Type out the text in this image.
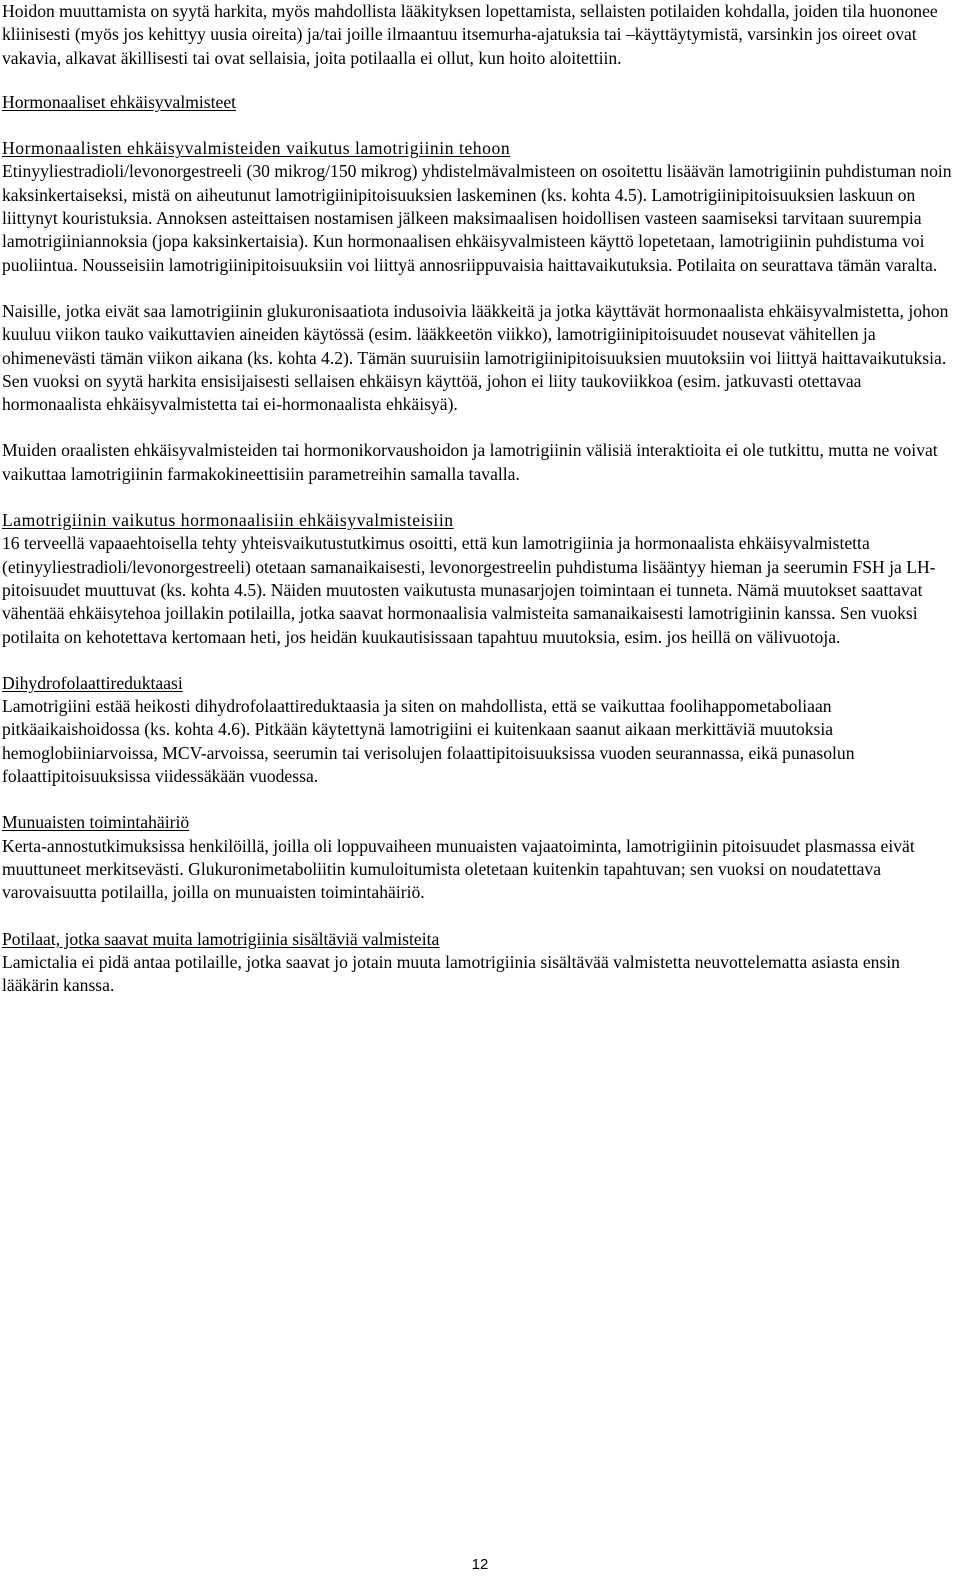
Hoidon muuttamista on syytä harkita, myös mahdollista lääkityksen lopettamista, sellaisten potilaiden kohdalla, joiden tila huononee kliinisesti (myös jos kehittyy uusia oireita) ja/tai joille ilmaantuu itsemurha-ajatuksia tai –käyttäytymistä, varsinkin jos oireet ovat vakavia, alkavat äkillisesti tai ovat sellaisia, joita potilaalla ei ollut, kun hoito aloitettiin.

Hormonaaliset ehkäisyvalmisteet

Hormonaalisten ehkäisyvalmisteiden vaikutus lamotrigiinin tehoon

Etinyyliestradioli/levonorgestreeli (30 mikrog/150 mikrog) yhdistelmävalmisteen on osoitettu lisäävän lamotrigiinin puhdistuman noin kaksinkertaiseksi, mistä on aiheutunut lamotrigiinipitoisuuksien laskeminen (ks. kohta 4.5). Lamotrigiinipitoisuuksien laskuun on liittynyt kouristuksia. Annoksen asteittaisen nostamisen jälkeen maksimaalisen hoidollisen vasteen saamiseksi tarvitaan suurempia lamotrigiiniannoksia (jopa kaksinkertaisia). Kun hormonaalisen ehkäisyvalmisteen käyttö lopetetaan, lamotrigiinin puhdistuma voi puoliintua. Nousseisiin lamotrigiinipitoisuuksiin voi liittyä annosriippuvaisia haittavaikutuksia. Potilaita on seurattava tämän varalta.

Naisille, jotka eivät saa lamotrigiinin glukuronisaatiota indusoivia lääkkeitä ja jotka käyttävät hormonaalista ehkäisyvalmistetta, johon kuuluu viikon tauko vaikuttavien aineiden käytössä (esim. lääkkeetön viikko), lamotrigiinipitoisuudet nousevat vähitellen ja ohimenevästi tämän viikon aikana (ks. kohta 4.2). Tämän suuruisiin lamotrigiinipitoisuuksien muutoksiin voi liittyä haittavaikutuksia. Sen vuoksi on syytä harkita ensisijaisesti sellaisen ehkäisyn käyttöä, johon ei liity taukoviikkoa (esim. jatkuvasti otettavaa hormonaalista ehkäisyvalmistetta tai ei-hormonaalista ehkäisyä).

Muiden oraalisten ehkäisyvalmisteiden tai hormonikorvaushoidon ja lamotrigiinin välisiä interaktioita ei ole tutkittu, mutta ne voivat vaikuttaa lamotrigiinin farmakokineettisiin parametreihin samalla tavalla.

Lamotrigiinin vaikutus hormonaalisiin ehkäisyvalmisteisiin

16 terveellä vapaaehtoisella tehty yhteisvaikutustutkimus osoitti, että kun lamotrigiinia ja hormonaalista ehkäisyvalmistetta (etinyyliestradioli/levonorgestreeli) otetaan samanaikaisesti, levonorgestreelin puhdistuma lisääntyy hieman ja seerumin FSH ja LH-pitoisuudet muuttuvat (ks. kohta 4.5). Näiden muutosten vaikutusta munasarjojen toimintaan ei tunneta. Nämä muutokset saattavat vähentää ehkäisytehoa joillakin potilailla, jotka saavat hormonaalisia valmisteita samanaikaisesti lamotrigiinin kanssa. Sen vuoksi potilaita on kehotettava kertomaan heti, jos heidän kuukautisissaan tapahtuu muutoksia, esim. jos heillä on välivuotoja.

Dihydrofolaattireduktaasi

Lamotrigiini estää heikosti dihydrofolaattireduktaasia ja siten on mahdollista, että se vaikuttaa foolihappometaboliaan pitkäaikaishoidossa (ks. kohta 4.6). Pitkään käytettynä lamotrigiini ei kuitenkaan saanut aikaan merkittäviä muutoksia hemoglobiiniarvoissa, MCV-arvoissa, seerumin tai verisolujen folaattipitoisuuksissa vuoden seurannassa, eikä punasolun folaattipitoisuuksissa viidessäkään vuodessa.

Munuaisten toimintahäiriö

Kerta-annostutkimuksissa henkilöillä, joilla oli loppuvaiheen munuaisten vajaatoiminta, lamotrigiinin pitoisuudet plasmassa eivät muuttuneet merkitsevästi. Glukuronimetaboliitin kumuloitumista oletetaan kuitenkin tapahtuvan; sen vuoksi on noudatettava varovaisuutta potilailla, joilla on munuaisten toimintahäiriö.

Potilaat, jotka saavat muita lamotrigiinia sisältäviä valmisteita

Lamictalia ei pidä antaa potilaille, jotka saavat jo jotain muuta lamotrigiinia sisältävää valmistetta neuvottelematta asiasta ensin lääkärin kanssa.

12
